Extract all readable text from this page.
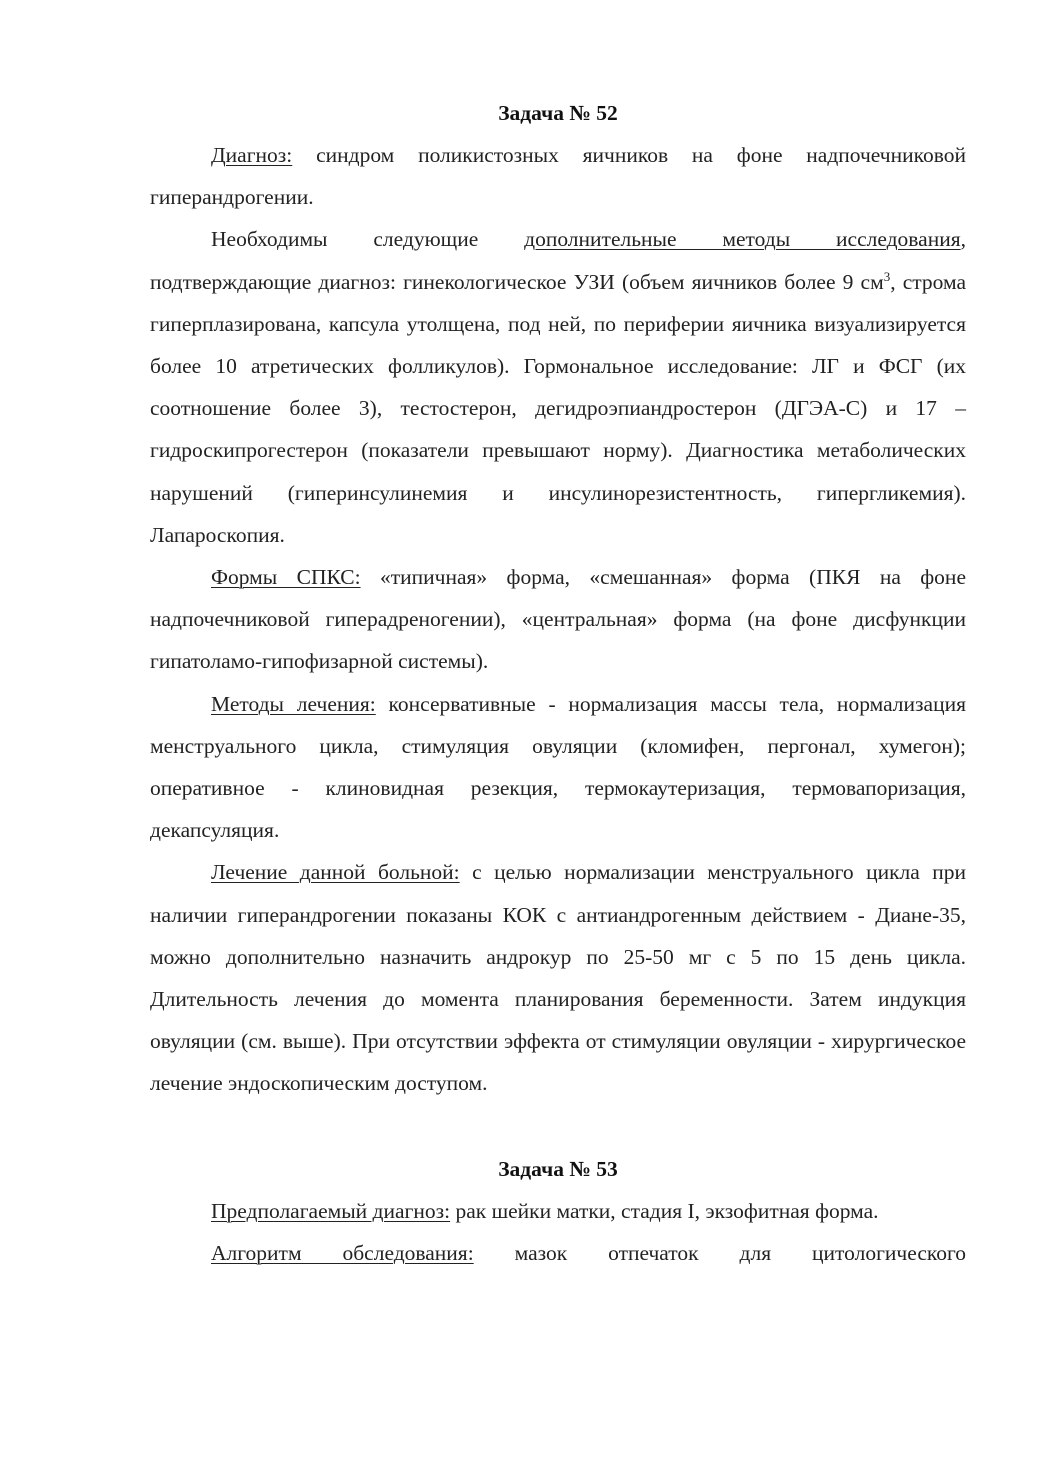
Задача № 52

Диагноз: синдром поликистозных яичников на фоне надпочечниковой гиперандрогении.

Необходимы следующие дополнительные методы исследования, подтверждающие диагноз: гинекологическое УЗИ (объем яичников более 9 $см^3$, строма гиперплазирована, капсула утолщена, под ней, по периферии яичника визуализируется более 10 атретических фолликулов). Гормональное исследование: ЛГ и ФСГ (их соотношение более 3), тестостерон, дегидроэпиандростерон (ДГЭА-С) и 17 – гидроскипрогестерон (показатели превышают норму). Диагностика метаболических нарушений (гиперинсулинемия и инсулинорезистентность, гипергликемия). Лапароскопия.

Формы СПКС: «типичная» форма, «смешанная» форма (ПКЯ на фоне надпочечниковой гиперадреногении), «центральная» форма (на фоне дисфункции гипатоламо-гипофизарной системы).

Методы лечения: консервативные - нормализация массы тела, нормализация менструального цикла, стимуляция овуляции (кломифен, пергонал, хумегон); оперативное - клиновидная резекция, термокаутеризация, термовапоризация, декапсуляция.

Лечение данной больной: с целью нормализации менструального цикла при наличии гиперандрогении показаны КОК с антиандрогенным действием - Диане-35, можно дополнительно назначить андрокур по 25-50 мг с 5 по 15 день цикла. Длительность лечения до момента планирования беременности. Затем индукция овуляции (см. выше). При отсутствии эффекта от стимуляции овуляции - хирургическое лечение эндоскопическим доступом.

Задача № 53

Предполагаемый диагноз: рак шейки матки, стадия I, экзофитная форма.

Алгоритм обследования: мазок отпечаток для цитологического
